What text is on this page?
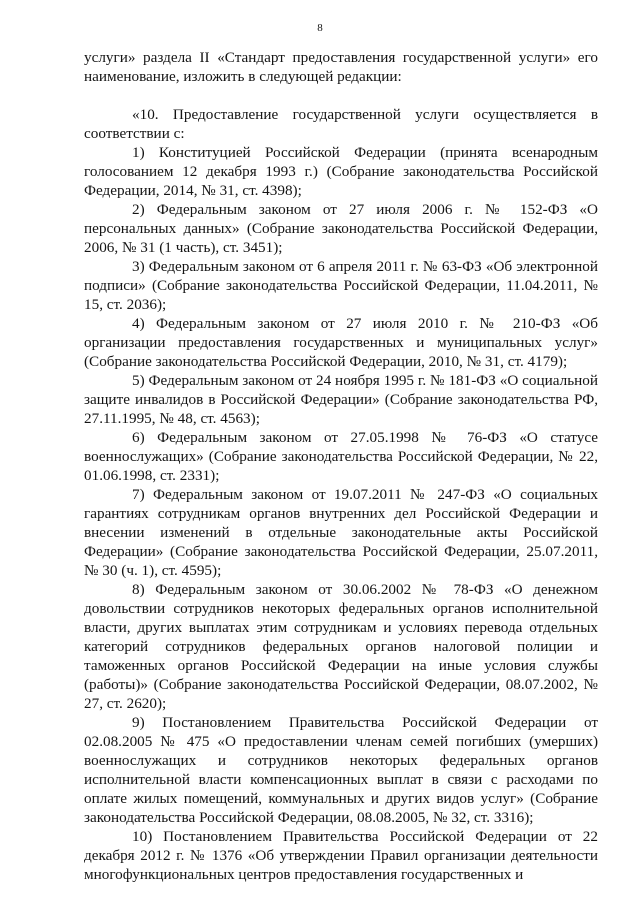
8

услуги» раздела II «Стандарт предоставления государственной услуги» его наименование, изложить в следующей редакции:

«10. Предоставление государственной услуги осуществляется в соответствии с:

1) Конституцией Российской Федерации (принята всенародным голосованием 12 декабря 1993 г.) (Собрание законодательства Российской Федерации, 2014, № 31, ст. 4398);

2) Федеральным законом от 27 июля 2006 г. № 152-ФЗ «О персональных данных» (Собрание законодательства Российской Федерации, 2006, № 31 (1 часть), ст. 3451);

3) Федеральным законом от 6 апреля 2011 г. № 63-ФЗ «Об электронной подписи» (Собрание законодательства Российской Федерации, 11.04.2011, № 15, ст. 2036);

4) Федеральным законом от 27 июля 2010 г. № 210-ФЗ «Об организации предоставления государственных и муниципальных услуг» (Собрание законодательства Российской Федерации, 2010, № 31, ст. 4179);

5) Федеральным законом от 24 ноября 1995 г. № 181-ФЗ «О социальной защите инвалидов в Российской Федерации» (Собрание законодательства РФ, 27.11.1995, № 48, ст. 4563);

6) Федеральным законом от 27.05.1998 № 76-ФЗ «О статусе военнослужащих» (Собрание законодательства Российской Федерации, № 22, 01.06.1998, ст. 2331);

7) Федеральным законом от 19.07.2011 № 247-ФЗ «О социальных гарантиях сотрудникам органов внутренних дел Российской Федерации и внесении изменений в отдельные законодательные акты Российской Федерации» (Собрание законодательства Российской Федерации, 25.07.2011, № 30 (ч. 1), ст. 4595);

8) Федеральным законом от 30.06.2002 № 78-ФЗ «О денежном довольствии сотрудников некоторых федеральных органов исполнительной власти, других выплатах этим сотрудникам и условиях перевода отдельных категорий сотрудников федеральных органов налоговой полиции и таможенных органов Российской Федерации на иные условия службы (работы)» (Собрание законодательства Российской Федерации, 08.07.2002, № 27, ст. 2620);

9) Постановлением Правительства Российской Федерации от 02.08.2005 № 475 «О предоставлении членам семей погибших (умерших) военнослужащих и сотрудников некоторых федеральных органов исполнительной власти компенсационных выплат в связи с расходами по оплате жилых помещений, коммунальных и других видов услуг» (Собрание законодательства Российской Федерации, 08.08.2005, № 32, ст. 3316);

10) Постановлением Правительства Российской Федерации от 22 декабря 2012 г. № 1376 «Об утверждении Правил организации деятельности многофункциональных центров предоставления государственных и
